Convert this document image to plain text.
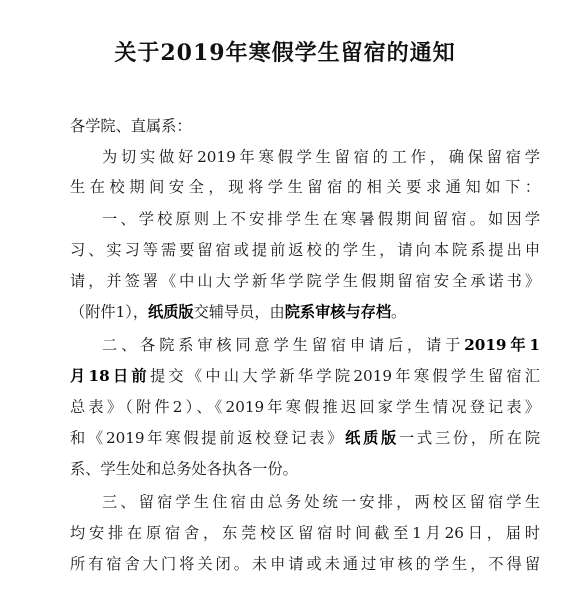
关于2019年寒假学生留宿的通知
各学院、直属系：
为切实做好2019年寒假学生留宿的工作，确保留宿学
生在校期间安全，现将学生留宿的相关要求通知如下：
一、学校原则上不安排学生在寒暑假期间留宿。如因学
习、实习等需要留宿或提前返校的学生，请向本院系提出申
请，并签署《中山大学新华学院学生假期留宿安全承诺书》
（附件1），纸质版交辅导员，由院系审核与存档。
二、各院系审核同意学生留宿申请后，请于2019年1
月18日前提交《中山大学新华学院2019年寒假学生留宿汇
总表》（附件2）、《2019年寒假推迟回家学生情况登记表》
和《2019年寒假提前返校登记表》纸质版一式三份，所在院
系、学生处和总务处各执各一份。
三、留宿学生住宿由总务处统一安排，两校区留宿学生
均安排在原宿舍，东莞校区留宿时间截至1月26日，届时
所有宿舍大门将关闭。未申请或未通过审核的学生，不得留
